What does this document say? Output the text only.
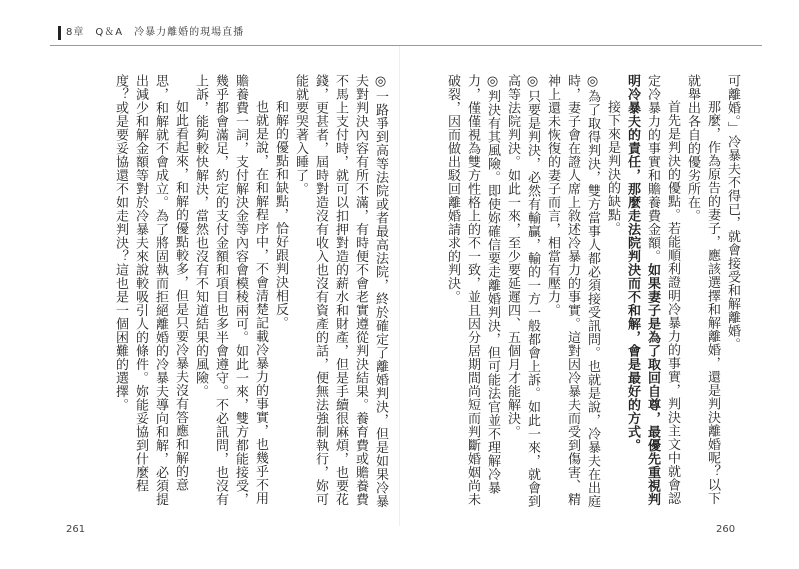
8章　Q＆A　冷暴力離婚的現場直播

可離婚。」冷暴夫不得已，就會接受和解離婚。

那麼，作為原告的妻子，應該選擇和解離婚，還是判決離婚呢？以下就舉出各自的優劣所在。

首先是判決的優點。若能順利證明冷暴力的事實，判決主文中就會認定冷暴力的事實和贍養費金額。如果妻子是為了取回自尊，最優先重視判明冷暴夫的責任，那麼走法院判決而不和解，會是最好的方式。

接下來是判決的缺點。

◎為了取得判決，雙方當事人都必須接受訊問。也就是說，冷暴夫在出庭時，妻子會在證人席上敘述冷暴力的事實。這對因冷暴夫而受到傷害、精神上還未恢復的妻子而言，相當有壓力。

◎只要是判決，必然有輸贏，輸的一方一般都會上訴。如此一來，就會到高等法院判決。如此一來，至少要延遲四、五個月才能解決。

◎判決有其風險。即使妳確信要走離婚判決，但可能法官並不理解冷暴力，僅僅視為雙方性格上的不一致，並且因分居期間尚短而判斷婚姻尚未破裂，因而做出駁回離婚請求的判決。

◎一路爭到高等法院或者最高法院，終於確定了離婚判決，但是如果冷暴夫對判決內容有所不滿，有時便不會老實遵從判決結果。養育費或贍養費不馬上支付時，就可以扣押對造的薪水和財產，但是手續很麻煩，也要花錢，更甚者，屆時對造沒有收入也沒有資產的話，便無法強制執行，妳可能就要哭著入睡了。

和解的優點和缺點，恰好跟判決相反。

也就是說，在和解程序中，不會清楚記載冷暴力的事實，也幾乎不用贍養費一詞，支付解決金等內容會模稜兩可。如此一來，雙方都能接受，幾乎都會滿足，約定的支付金額和項目也多半會遵守。不必訊問，也沒有上訴，能夠較快解決，當然也沒有不知道結果的風險。

如此看起來，和解的優點較多，但是只要冷暴夫沒有答應和解的意思，和解就不會成立。為了將固執而拒絕離婚的冷暴夫導向和解，必須提出減少和解金額等對於冷暴夫來說較吸引人的條件。妳能妥協到什麼程度？或是要妥協還不如走判決？這也是一個困難的選擇。

261	260
